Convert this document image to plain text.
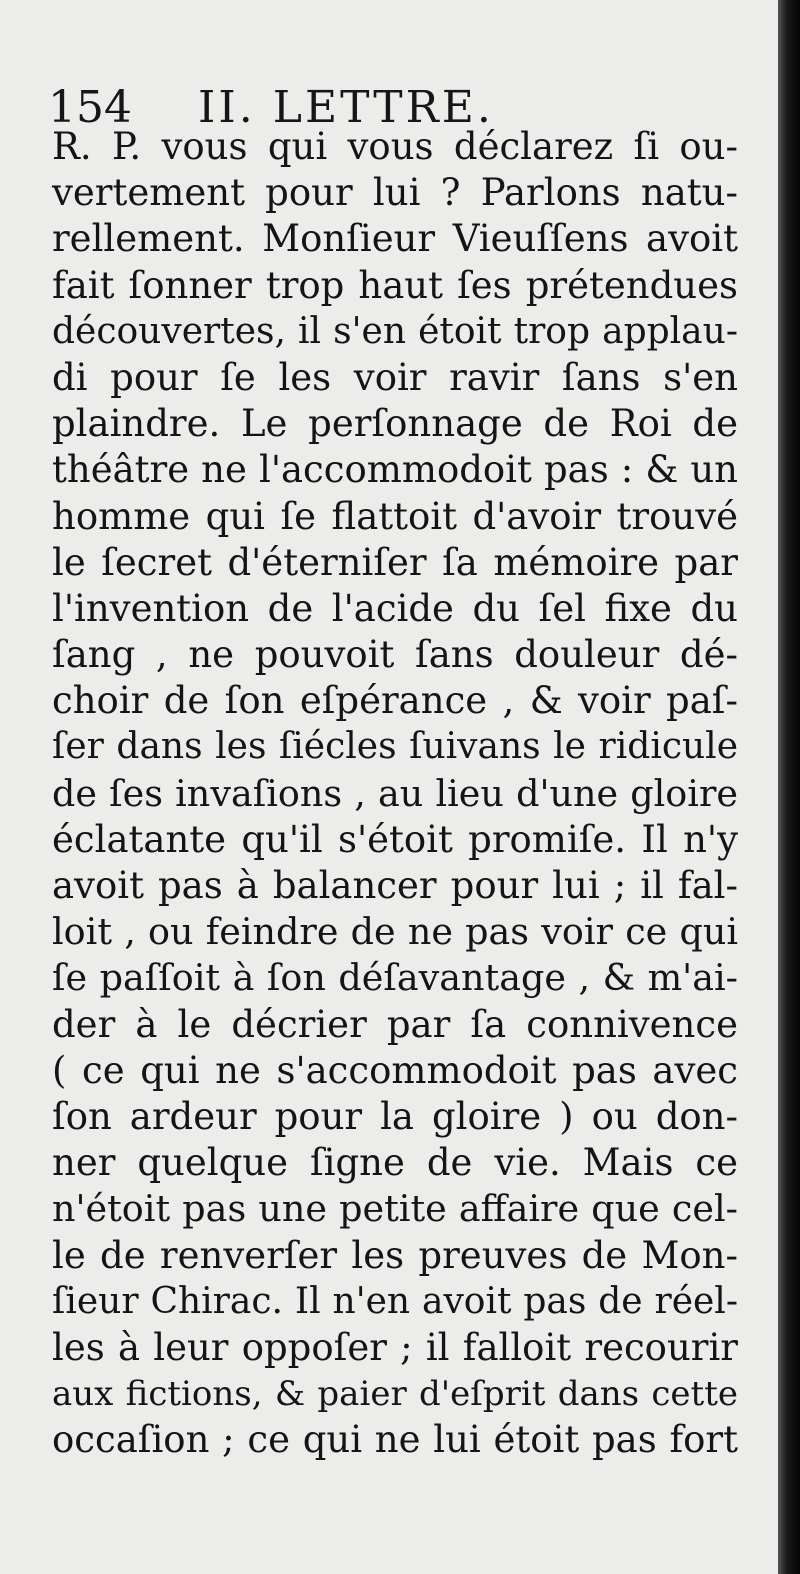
154 II. LETTRE.
R. P. vous qui vous déclarez ſi ou-
vertement pour lui ? Parlons natu-
rellement. Monſieur Vieuſſens avoit
fait ſonner trop haut ſes prétendues
découvertes, il s'en étoit trop applau-
di pour ſe les voir ravir ſans s'en
plaindre. Le perſonnage de Roi de
théâtre ne l'accommodoit pas : & un
homme qui ſe flattoit d'avoir trouvé
le ſecret d'éterniſer ſa mémoire par
l'invention de l'acide du ſel fixe du
ſang , ne pouvoit ſans douleur dé-
choir de ſon eſpérance , & voir paſ-
ſer dans les ſiécles ſuivans le ridicule
de ſes invaſions , au lieu d'une gloire
éclatante qu'il s'étoit promiſe. Il n'y
avoit pas à balancer pour lui ; il fal-
loit , ou feindre de ne pas voir ce qui
ſe paſſoit à ſon déſavantage , & m'ai-
der à le décrier par ſa connivence
( ce qui ne s'accommodoit pas avec
ſon ardeur pour la gloire ) ou don-
ner quelque ſigne de vie. Mais ce
n'étoit pas une petite affaire que cel-
le de renverſer les preuves de Mon-
ſieur Chirac. Il n'en avoit pas de réel-
les à leur oppoſer ; il falloit recourir
aux fictions, & paier d'eſprit dans cette
occaſion ; ce qui ne lui étoit pas fort
